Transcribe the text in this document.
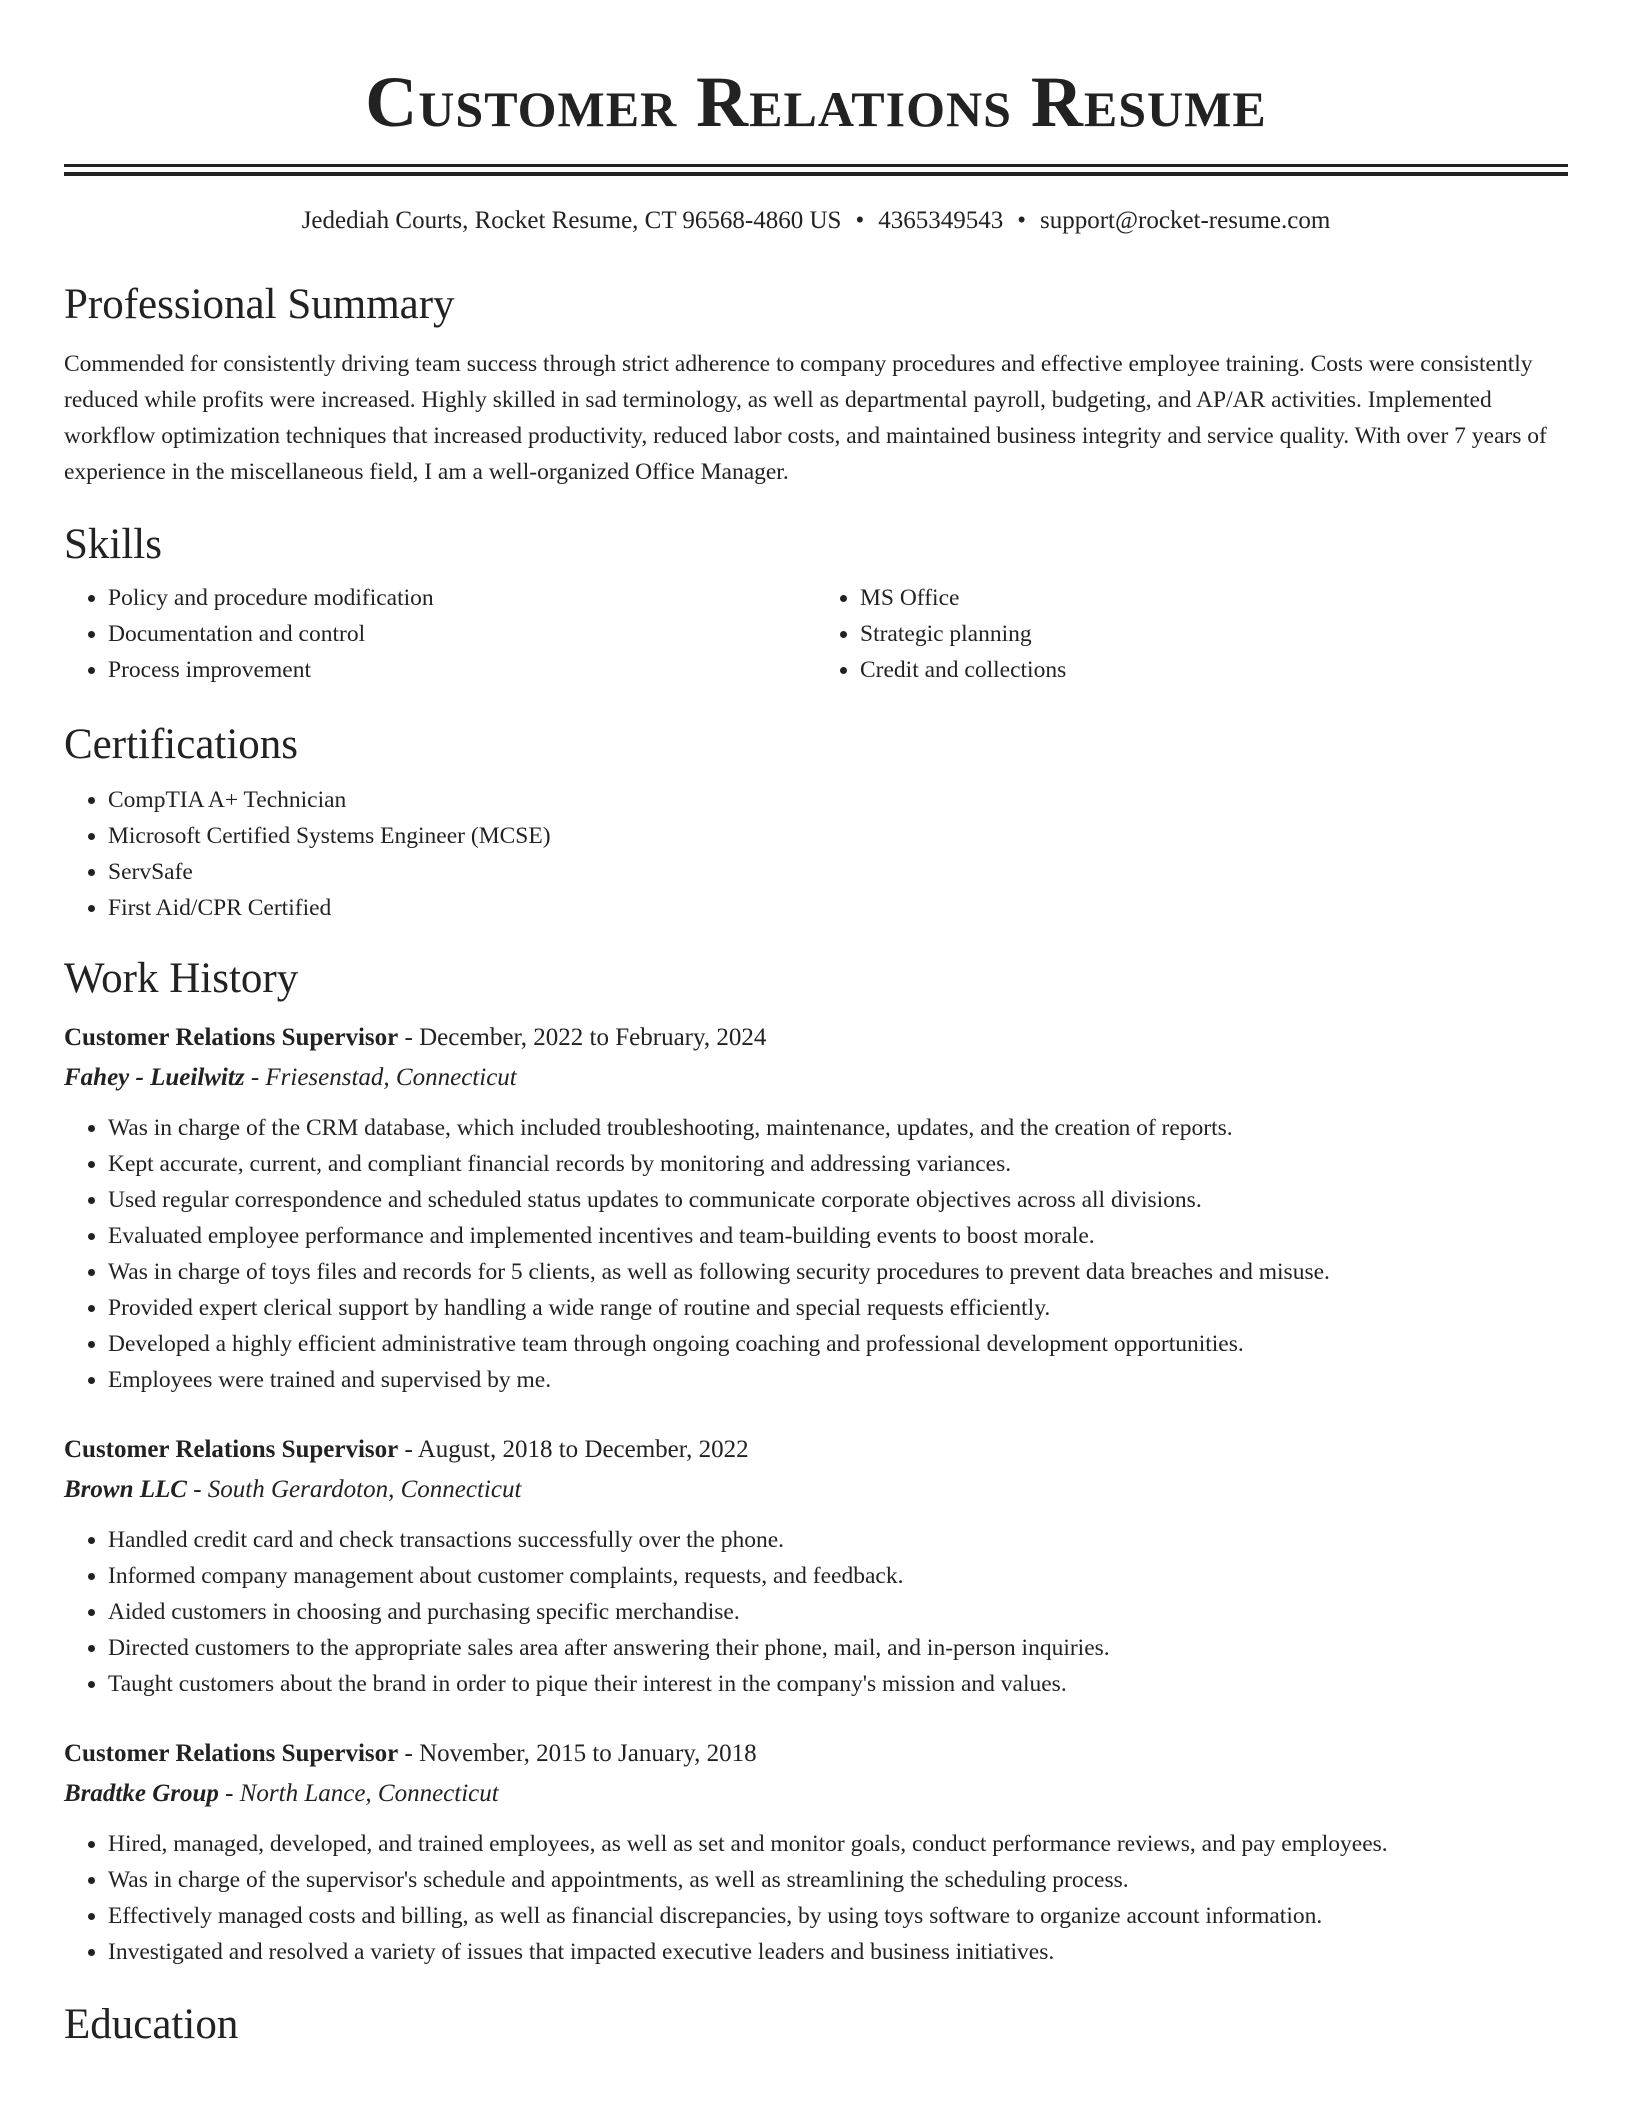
Customer Relations Resume
Jedediah Courts, Rocket Resume, CT 96568-4860 US • 4365349543 • support@rocket-resume.com
Professional Summary

Commended for consistently driving team success through strict adherence to company procedures and effective employee training. Costs were consistently reduced while profits were increased. Highly skilled in sad terminology, as well as departmental payroll, budgeting, and AP/AR activities. Implemented workflow optimization techniques that increased productivity, reduced labor costs, and maintained business integrity and service quality. With over 7 years of experience in the miscellaneous field, I am a well-organized Office Manager.

Skills
• Policy and procedure modification
• Documentation and control
• Process improvement
• MS Office
• Strategic planning
• Credit and collections
Certifications
• CompTIA A+ Technician
• Microsoft Certified Systems Engineer (MCSE)
• ServSafe
• First Aid/CPR Certified
Work History
Customer Relations Supervisor - December, 2022 to February, 2024
Fahey - Lueilwitz - Friesenstad, Connecticut
• Was in charge of the CRM database, which included troubleshooting, maintenance, updates, and the creation of reports.
• Kept accurate, current, and compliant financial records by monitoring and addressing variances.
• Used regular correspondence and scheduled status updates to communicate corporate objectives across all divisions.
• Evaluated employee performance and implemented incentives and team-building events to boost morale.
• Was in charge of toys files and records for 5 clients, as well as following security procedures to prevent data breaches and misuse.
• Provided expert clerical support by handling a wide range of routine and special requests efficiently.
• Developed a highly efficient administrative team through ongoing coaching and professional development opportunities.
• Employees were trained and supervised by me.
Customer Relations Supervisor - August, 2018 to December, 2022
Brown LLC - South Gerardoton, Connecticut
• Handled credit card and check transactions successfully over the phone.
• Informed company management about customer complaints, requests, and feedback.
• Aided customers in choosing and purchasing specific merchandise.
• Directed customers to the appropriate sales area after answering their phone, mail, and in-person inquiries.
• Taught customers about the brand in order to pique their interest in the company's mission and values.
Customer Relations Supervisor - November, 2015 to January, 2018
Bradtke Group - North Lance, Connecticut
• Hired, managed, developed, and trained employees, as well as set and monitor goals, conduct performance reviews, and pay employees.
• Was in charge of the supervisor's schedule and appointments, as well as streamlining the scheduling process.
• Effectively managed costs and billing, as well as financial discrepancies, by using toys software to organize account information.
• Investigated and resolved a variety of issues that impacted executive leaders and business initiatives.
Education
